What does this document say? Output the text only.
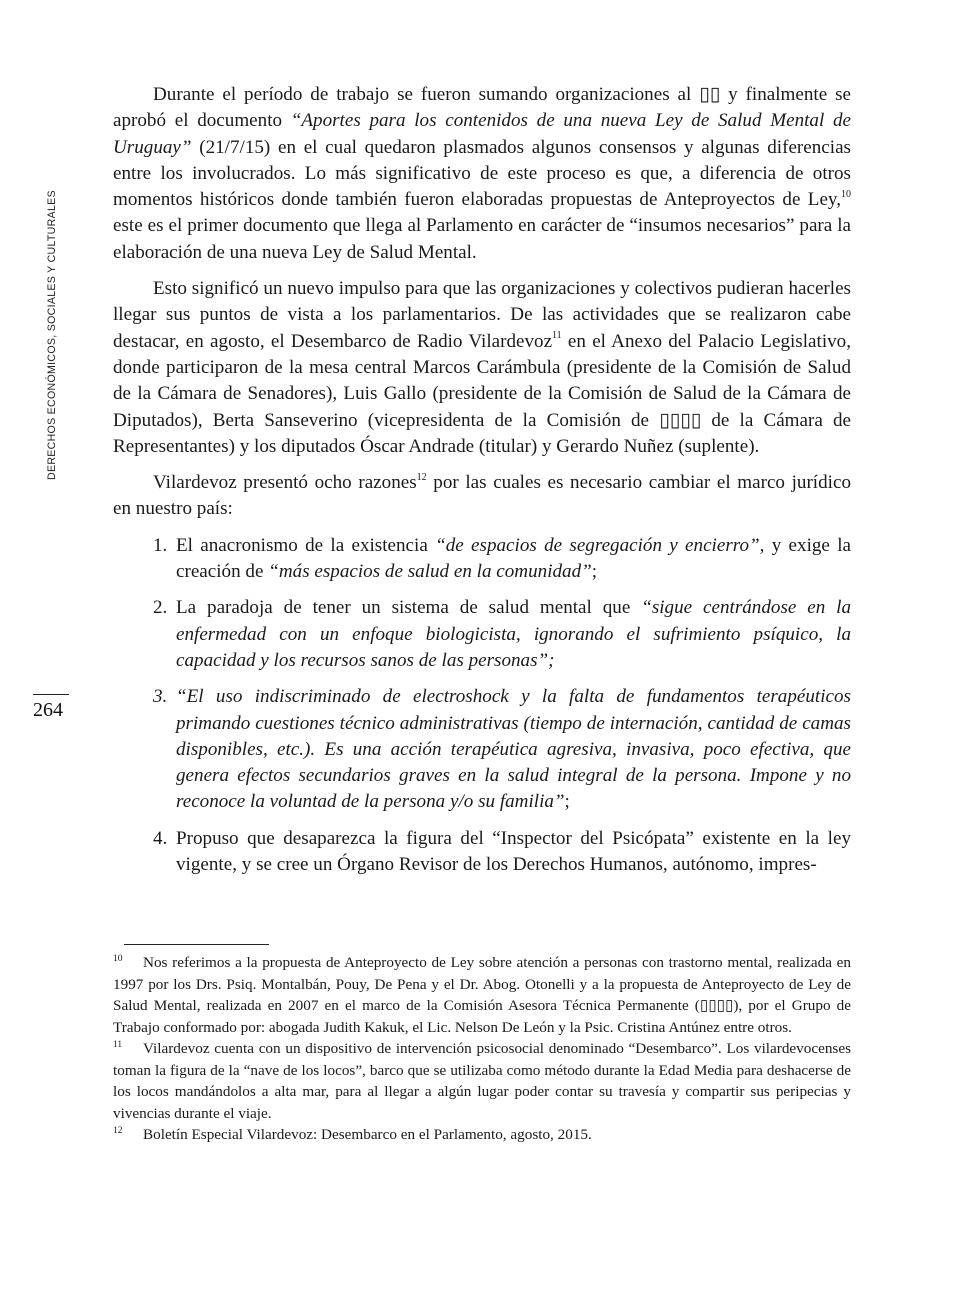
DERECHOS ECONÓMICOS, SOCIALES Y CULTURALES
264

Durante el período de trabajo se fueron sumando organizaciones al ▯▯ y finalmente se aprobó el documento “Aportes para los contenidos de una nueva Ley de Salud Mental de Uruguay” (21/7/15) en el cual quedaron plasmados algunos consensos y algunas diferencias entre los involucrados. Lo más significativo de este proceso es que, a diferencia de otros momentos históricos donde también fueron elaboradas propuestas de Anteproyectos de Ley,$^{10}$ este es el primer documento que llega al Parlamento en carácter de “insumos necesarios” para la elaboración de una nueva Ley de Salud Mental.

Esto significó un nuevo impulso para que las organizaciones y colectivos pudieran hacerles llegar sus puntos de vista a los parlamentarios. De las actividades que se realizaron cabe destacar, en agosto, el Desembarco de Radio Vilardevoz$^{11}$ en el Anexo del Palacio Legislativo, donde participaron de la mesa central Marcos Carámbula (presidente de la Comisión de Salud de la Cámara de Senadores), Luis Gallo (presidente de la Comisión de Salud de la Cámara de Diputados), Berta Sanseverino (vicepresidenta de la Comisión de ▯▯▯▯ de la Cámara de Representantes) y los diputados Óscar Andrade (titular) y Gerardo Nuñez (suplente).

Vilardevoz presentó ocho razones$^{12}$ por las cuales es necesario cambiar el marco jurídico en nuestro país:

1. El anacronismo de la existencia “de espacios de segregación y encierro”, y exige la creación de “más espacios de salud en la comunidad”;
2. La paradoja de tener un sistema de salud mental que “sigue centrándose en la enfermedad con un enfoque biologicista, ignorando el sufrimiento psíquico, la capacidad y los recursos sanos de las personas”;
3. “El uso indiscriminado de electroshock y la falta de fundamentos terapéuticos primando cuestiones técnico administrativas (tiempo de internación, cantidad de camas disponibles, etc.). Es una acción terapéutica agresiva, invasiva, poco efectiva, que genera efectos secundarios graves en la salud integral de la persona. Impone y no reconoce la voluntad de la persona y/o su familia”;
4. Propuso que desaparezca la figura del “Inspector del Psicópata” existente en la ley vigente, y se cree un Órgano Revisor de los Derechos Humanos, autónomo, impres-

10 Nos referimos a la propuesta de Anteproyecto de Ley sobre atención a personas con trastorno mental, realizada en 1997 por los Drs. Psiq. Montalbán, Pouy, De Pena y el Dr. Abog. Otonelli y a la propuesta de Anteproyecto de Ley de Salud Mental, realizada en 2007 en el marco de la Comisión Asesora Técnica Permanente (▯▯▯▯), por el Grupo de Trabajo conformado por: abogada Judith Kakuk, el Lic. Nelson De León y la Psic. Cristina Antúnez entre otros.

11 Vilardevoz cuenta con un dispositivo de intervención psicosocial denominado “Desembarco”. Los vilardevocenses toman la figura de la “nave de los locos”, barco que se utilizaba como método durante la Edad Media para deshacerse de los locos mandándolos a alta mar, para al llegar a algún lugar poder contar su travesía y compartir sus peripecias y vivencias durante el viaje.

12 Boletín Especial Vilardevoz: Desembarco en el Parlamento, agosto, 2015.
